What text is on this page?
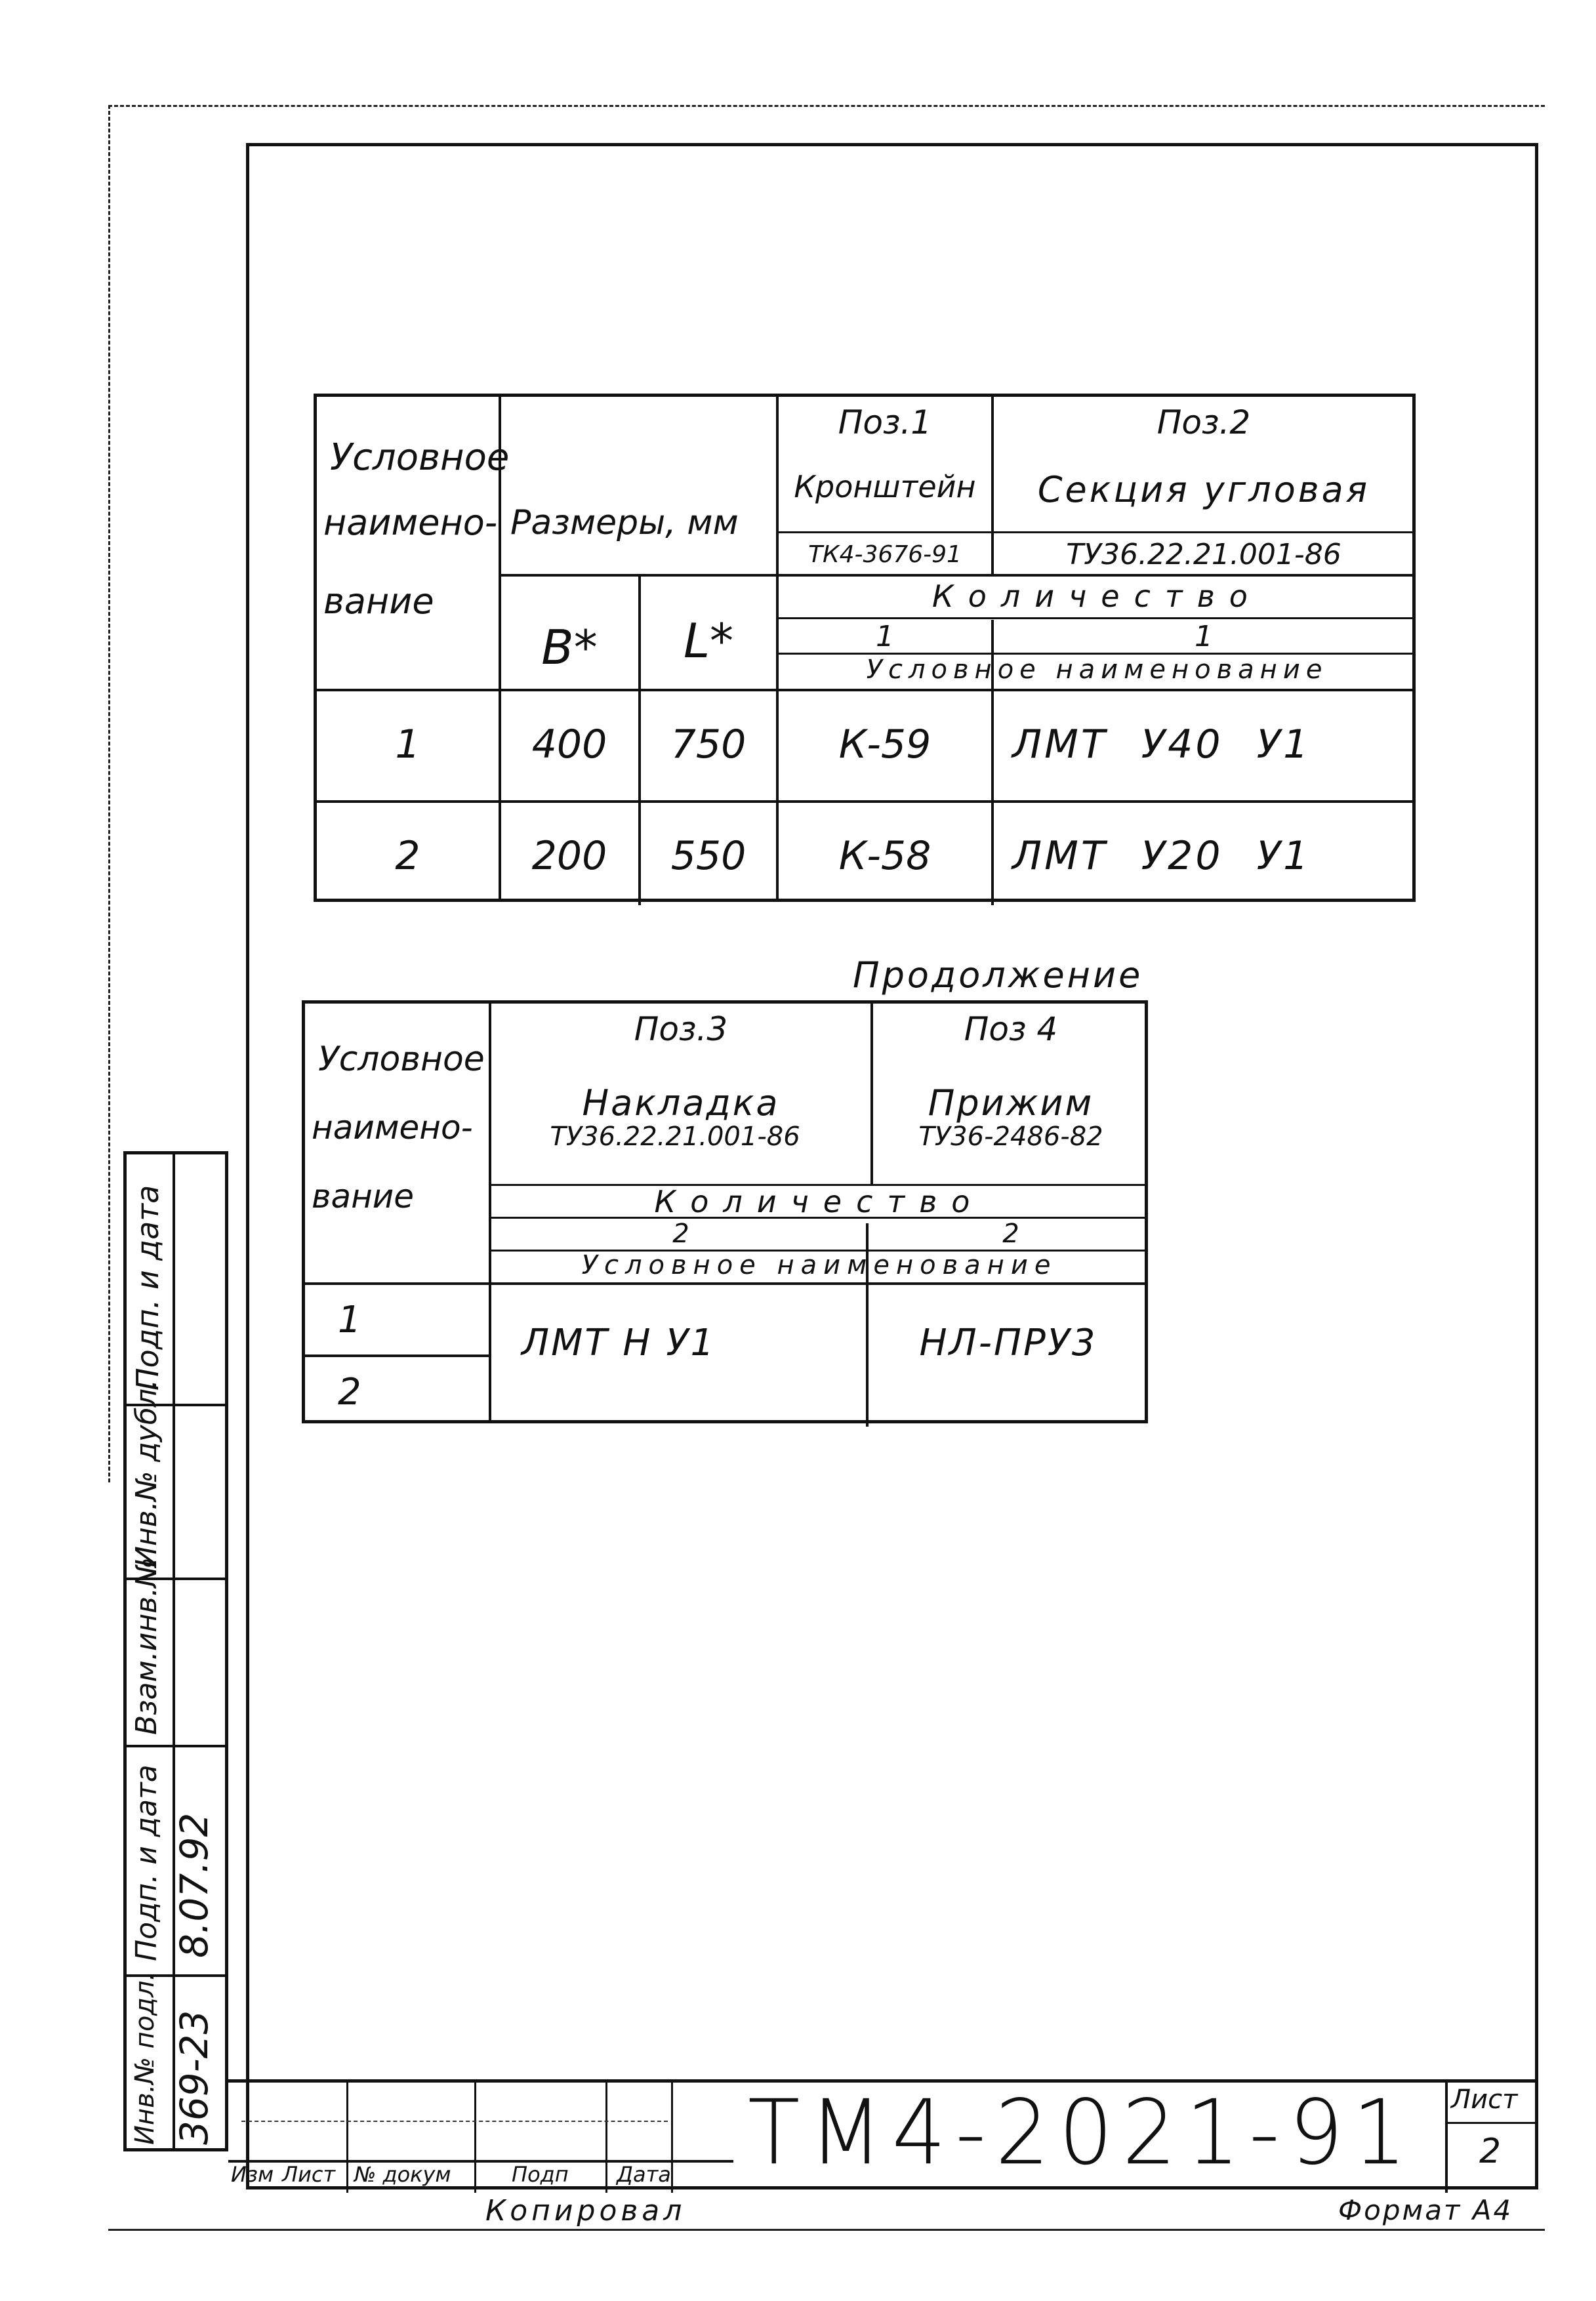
Условное
наимено-
вание
Размеры, мм
B*	L*
Поз.1
Кронштейн
ТК4-3676-91
Поз.2
Секция угловая
ТУ36.22.21.001-86
Количество
1	1
Условное наименование
1	400	750	К-59	ЛМТ У40 У1
2	200	550	К-58	ЛМТ У20 У1
Продолжение
Условное
наимено-
вание
Поз.3
Накладка
ТУ36.22.21.001-86
Поз 4
Прижим
ТУ36-2486-82
Количество
2	2
Условное наименование
1
2
ЛМТ Н У1	НЛ-ПРУ3
Подп. и дата
Инв.№ дубл.
Взам.инв.№
Подп. и дата 8.07.92
Инв.№ подл. 369-23
Изм Лист № докум	Подп Дата ТМ4-2021-91 Лист
2
Копировал	Формат А4
